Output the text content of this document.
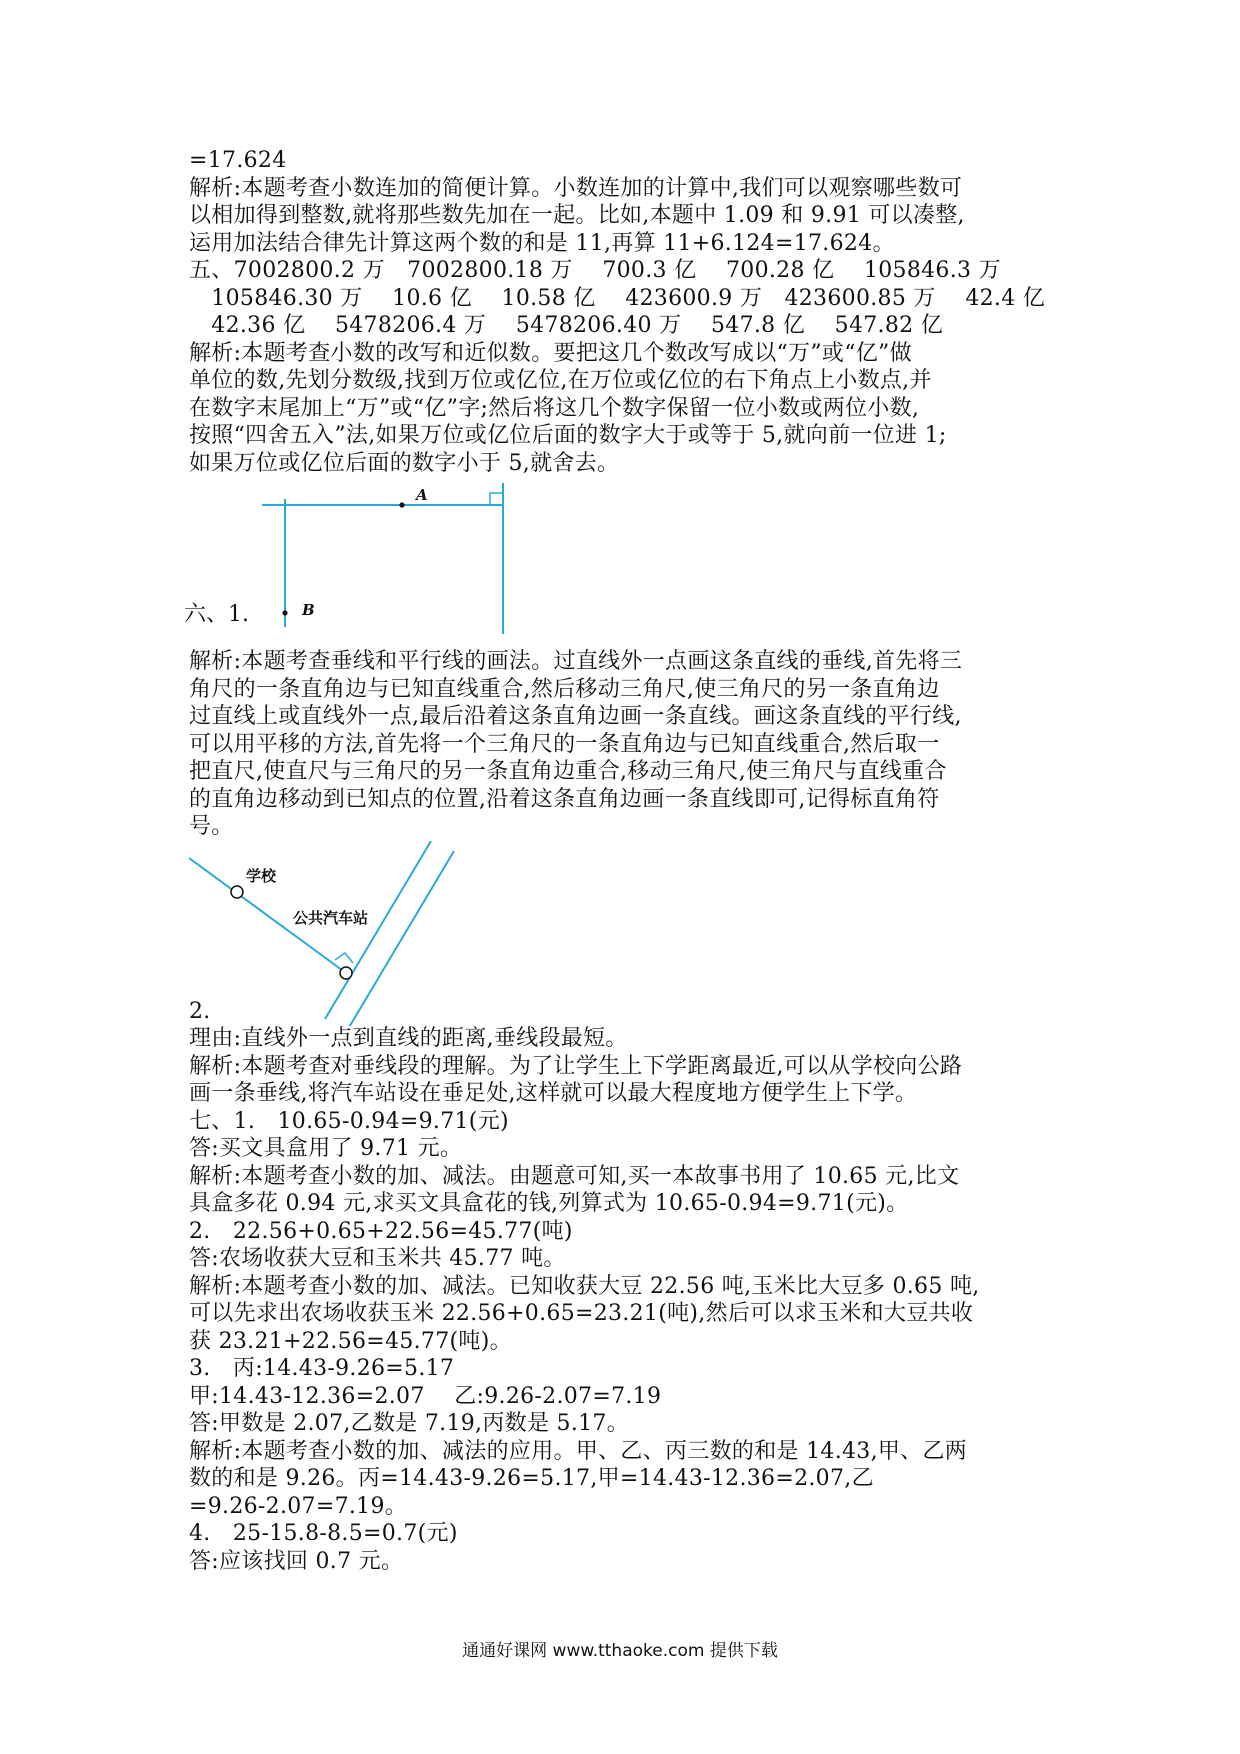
=17.624
解析:本题考查小数连加的简便计算。小数连加的计算中,我们可以观察哪些数可
以相加得到整数,就将那些数先加在一起。比如,本题中 1.09 和 9.91 可以凑整,
运用加法结合律先计算这两个数的和是 11,再算 11+6.124=17.624。
五、7002800.2 万　7002800.18 万　 700.3 亿　 700.28 亿　 105846.3 万
　105846.30 万　 10.6 亿　 10.58 亿　 423600.9 万　423600.85 万　 42.4 亿
　42.36 亿　 5478206.4 万　 5478206.40 万　 547.8 亿　 547.82 亿
解析:本题考查小数的改写和近似数。要把这几个数改写成以“万”或“亿”做
单位的数,先划分数级,找到万位或亿位,在万位或亿位的右下角点上小数点,并
在数字末尾加上“万”或“亿”字;然后将这几个数字保留一位小数或两位小数,
按照“四舍五入”法,如果万位或亿位后面的数字大于或等于 5,就向前一位进 1;
如果万位或亿位后面的数字小于 5,就舍去。
A
B
六、1.
解析:本题考查垂线和平行线的画法。过直线外一点画这条直线的垂线,首先将三
角尺的一条直角边与已知直线重合,然后移动三角尺,使三角尺的另一条直角边
过直线上或直线外一点,最后沿着这条直角边画一条直线。画这条直线的平行线,
可以用平移的方法,首先将一个三角尺的一条直角边与已知直线重合,然后取一
把直尺,使直尺与三角尺的另一条直角边重合,移动三角尺,使三角尺与直线重合
的直角边移动到已知点的位置,沿着这条直角边画一条直线即可,记得标直角符
号。
学校
公共汽车站
2.
理由:直线外一点到直线的距离,垂线段最短。
解析:本题考查对垂线段的理解。为了让学生上下学距离最近,可以从学校向公路
画一条垂线,将汽车站设在垂足处,这样就可以最大程度地方便学生上下学。
七、1.　10.65-0.94=9.71(元)
答:买文具盒用了 9.71 元。
解析:本题考查小数的加、减法。由题意可知,买一本故事书用了 10.65 元,比文
具盒多花 0.94 元,求买文具盒花的钱,列算式为 10.65-0.94=9.71(元)。
2.　22.56+0.65+22.56=45.77(吨)
答:农场收获大豆和玉米共 45.77 吨。
解析:本题考查小数的加、减法。已知收获大豆 22.56 吨,玉米比大豆多 0.65 吨,
可以先求出农场收获玉米 22.56+0.65=23.21(吨),然后可以求玉米和大豆共收
获 23.21+22.56=45.77(吨)。
3.　丙:14.43-9.26=5.17
甲:14.43-12.36=2.07　 乙:9.26-2.07=7.19
答:甲数是 2.07,乙数是 7.19,丙数是 5.17。
解析:本题考查小数的加、减法的应用。甲、乙、丙三数的和是 14.43,甲、乙两
数的和是 9.26。丙=14.43-9.26=5.17,甲=14.43-12.36=2.07,乙
=9.26-2.07=7.19。
4.　25-15.8-8.5=0.7(元)
答:应该找回 0.7 元。
通通好课网 www.tthaoke.com 提供下载
